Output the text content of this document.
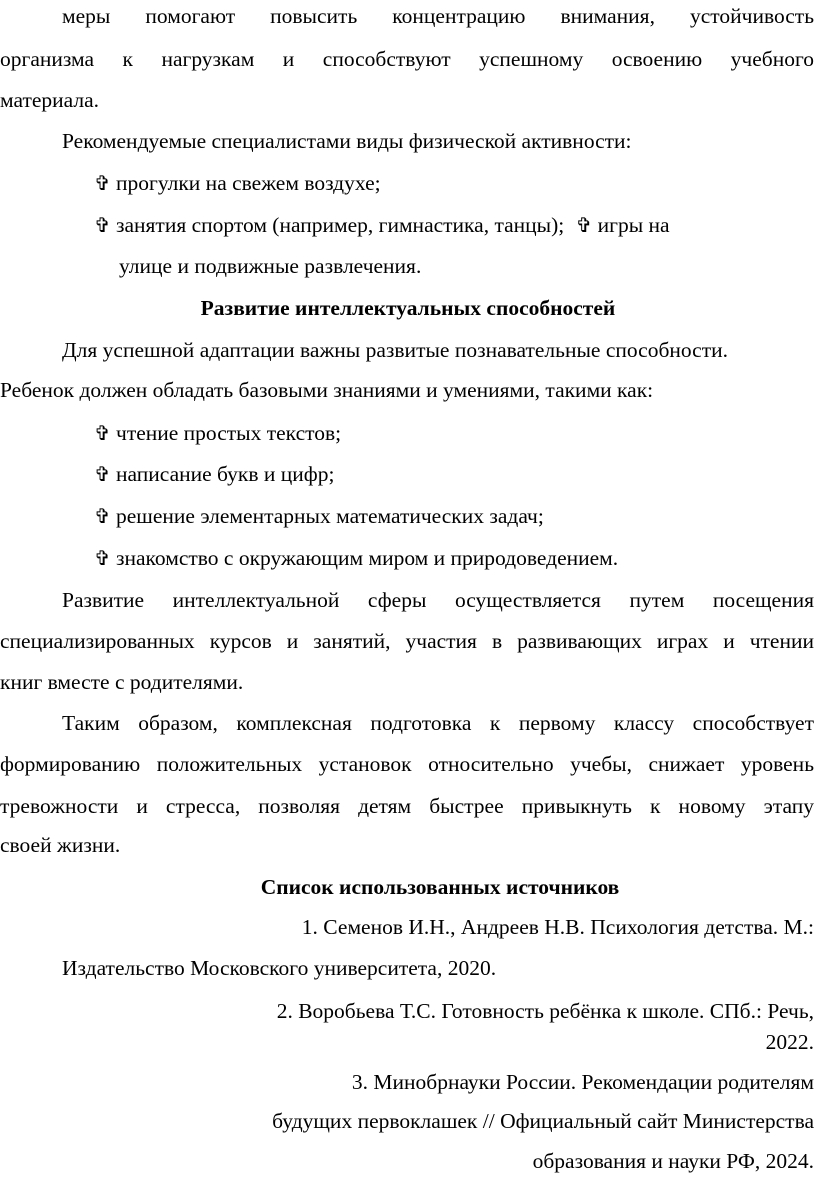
меры помогают повысить концентрацию внимания, устойчивость
организма к нагрузкам и способствуют успешному освоению учебного
материала.
Рекомендуемые специалистами виды физической активности:
✞ прогулки на свежем воздухе;
✞ занятия спортом (например, гимнастика, танцы); ✞ игры на
улице и подвижные развлечения.
Развитие интеллектуальных способностей
Для успешной адаптации важны развитые познавательные способности.
Ребенок должен обладать базовыми знаниями и умениями, такими как:
✞ чтение простых текстов;
✞ написание букв и цифр;
✞ решение элементарных математических задач;
✞ знакомство с окружающим миром и природоведением.
Развитие интеллектуальной сферы осуществляется путем посещения
специализированных курсов и занятий, участия в развивающих играх и чтении
книг вместе с родителями.
Таким образом, комплексная подготовка к первому классу способствует
формированию положительных установок относительно учебы, снижает уровень
тревожности и стресса, позволяя детям быстрее привыкнуть к новому этапу
своей жизни.
Список использованных источников
1. Семенов И.Н., Андреев Н.В. Психология детства. М.:
Издательство Московского университета, 2020.
2. Воробьева Т.С. Готовность ребёнка к школе. СПб.: Речь,
2022.
3. Минобрнауки России. Рекомендации родителям
будущих первоклашек // Официальный сайт Министерства
образования и науки РФ, 2024.
